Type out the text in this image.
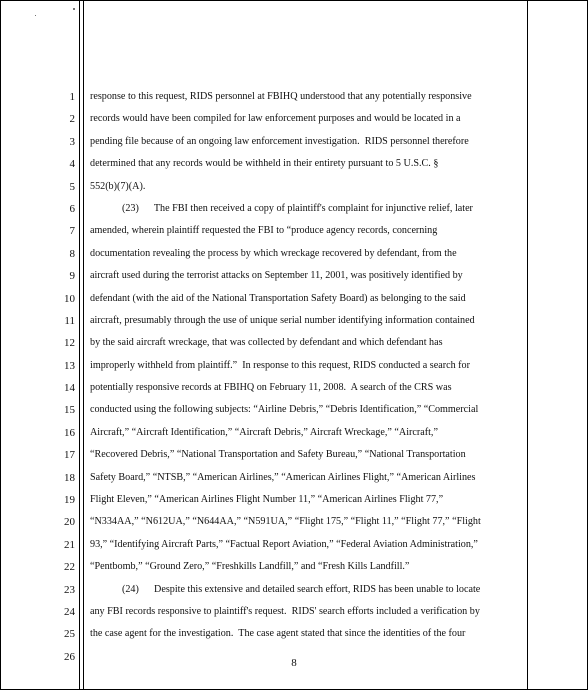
1
2
3
4
5
6
7
8
9
10
11
12
13
14
15
16
17
18
19
20
21
22
23
24
25
26
response to this request, RIDS personnel at FBIHQ understood that any potentially responsive
records would have been compiled for law enforcement purposes and would be located in a
pending file because of an ongoing law enforcement investigation.  RIDS personnel therefore
determined that any records would be withheld in their entirety pursuant to 5 U.S.C. §
552(b)(7)(A).
(23)      The FBI then received a copy of plaintiff's complaint for injunctive relief, later
amended, wherein plaintiff requested the FBI to “produce agency records, concerning
documentation revealing the process by which wreckage recovered by defendant, from the
aircraft used during the terrorist attacks on September 11, 2001, was positively identified by
defendant (with the aid of the National Transportation Safety Board) as belonging to the said
aircraft, presumably through the use of unique serial number identifying information contained
by the said aircraft wreckage, that was collected by defendant and which defendant has
improperly withheld from plaintiff.”  In response to this request, RIDS conducted a search for
potentially responsive records at FBIHQ on February 11, 2008.  A search of the CRS was
conducted using the following subjects: “Airline Debris,” “Debris Identification,” “Commercial
Aircraft,” “Aircraft Identification,” “Aircraft Debris,” Aircraft Wreckage,” “Aircraft,”
“Recovered Debris,” “National Transportation and Safety Bureau,” “National Transportation
Safety Board,” “NTSB,” “American Airlines,” “American Airlines Flight,” “American Airlines
Flight Eleven,” “American Airlines Flight Number 11,” “American Airlines Flight 77,”
“N334AA,” “N612UA,” “N644AA,” “N591UA,” “Flight 175,” “Flight 11,” “Flight 77,” “Flight
93,” “Identifying Aircraft Parts,” “Factual Report Aviation,” “Federal Aviation Administration,”
“Pentbomb,” “Ground Zero,” “Freshkills Landfill,” and “Fresh Kills Landfill.”
(24)      Despite this extensive and detailed search effort, RIDS has been unable to locate
any FBI records responsive to plaintiff's request.  RIDS' search efforts included a verification by
the case agent for the investigation.  The case agent stated that since the identities of the four
8
